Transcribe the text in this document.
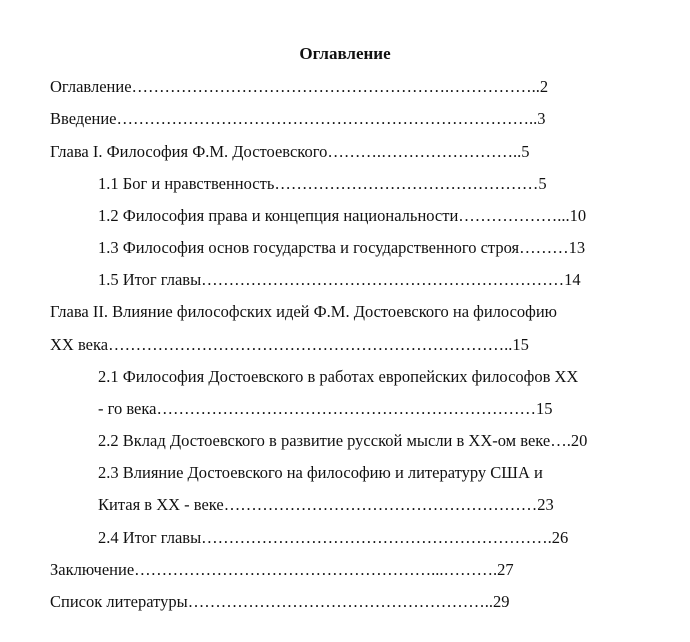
Оглавление
Оглавление………………………………………………….……………..2
Введение…………………………………………………………………..3
Глава I. Философия Ф.М. Достоевского……….……………………..5
1.1 Бог и нравственность…………………………………………5
1.2 Философия права и концепция национальности………………...10
1.3 Философия основ государства и государственного строя………13
1.5 Итог главы…………………………………………………………14
Глава II. Влияние философских идей Ф.М. Достоевского на философию
XX века………………………………………………………………..15
2.1 Философия Достоевского в работах европейских философов XX
- го века……………………………………………………………15
2.2 Вклад Достоевского в развитие русской мысли в XX-ом веке….20
2.3 Влияние Достоевского на философию и литературу США и
Китая в XX - веке…………………………………………………23
2.4 Итог главы……………………………………………………….26
Заключение………………………………………………...……….27
Список литературы………………………………………………..29
